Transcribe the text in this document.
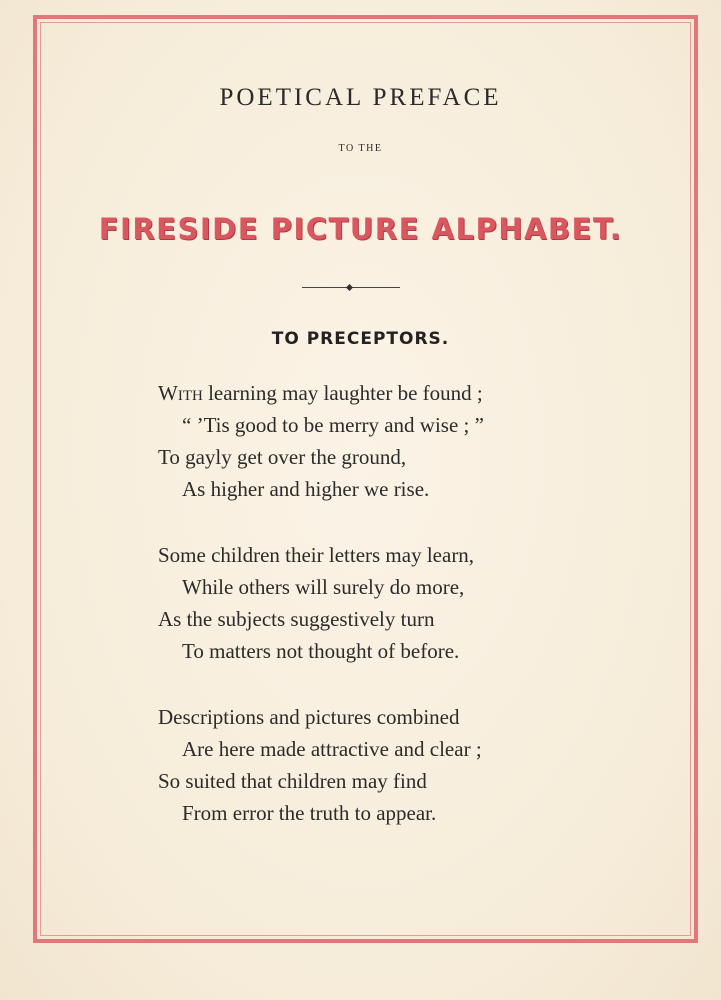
POETICAL PREFACE
TO THE
FIRESIDE PICTURE ALPHABET.
TO PRECEPTORS.
With learning may laughter be found ;
“ ’Tis good to be merry and wise ; ”
To gayly get over the ground,
As higher and higher we rise.
Some children their letters may learn,
While others will surely do more,
As the subjects suggestively turn
To matters not thought of before.
Descriptions and pictures combined
Are here made attractive and clear ;
So suited that children may find
From error the truth to appear.
